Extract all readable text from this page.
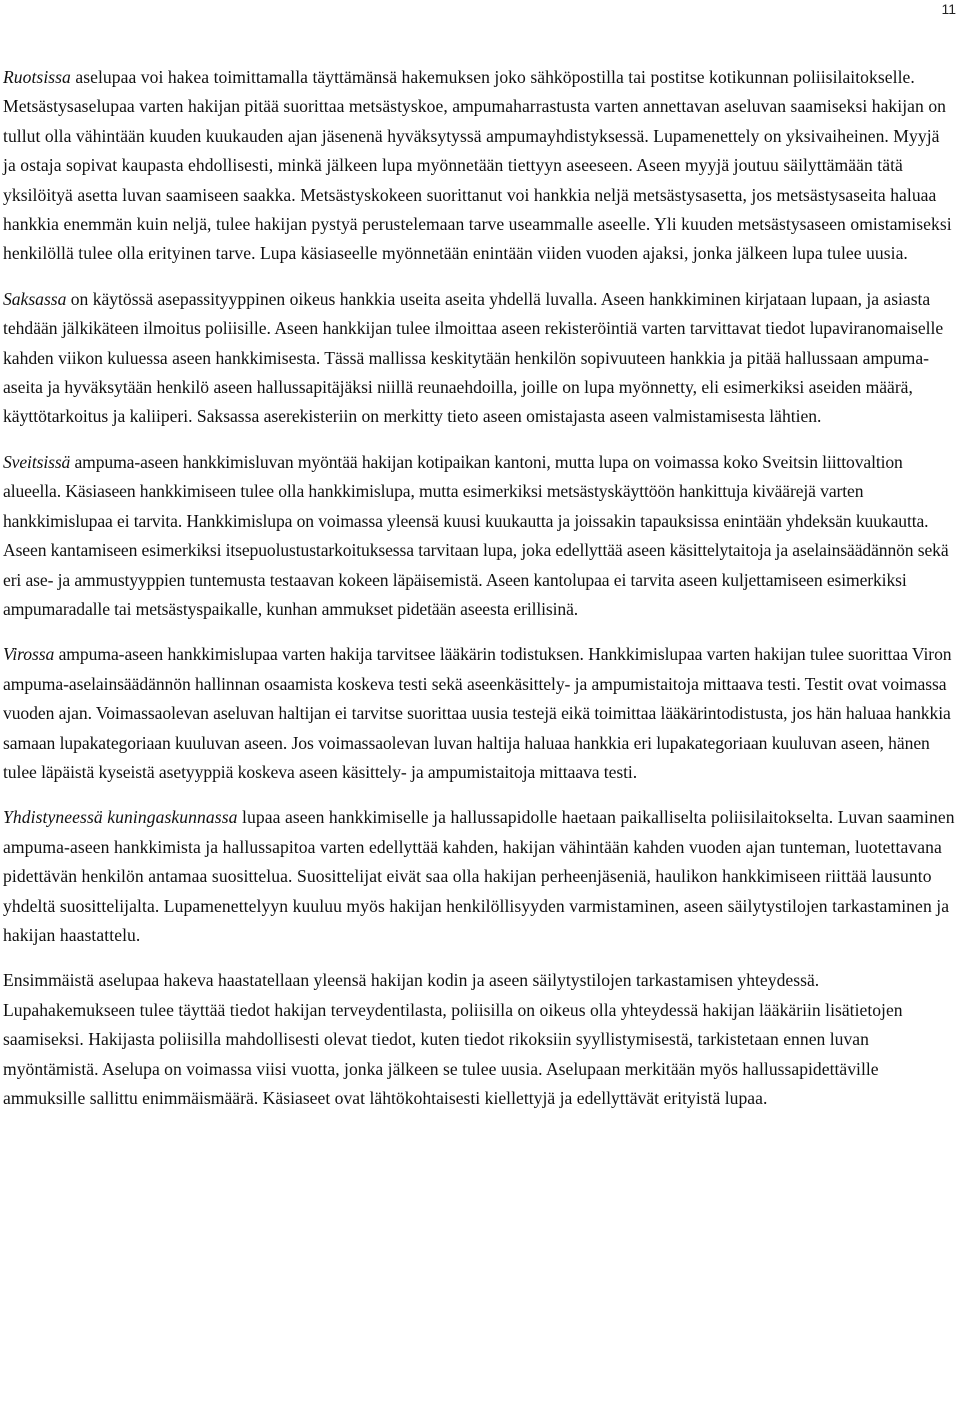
11

Ruotsissa aselupaa voi hakea toimittamalla täyttämänsä hakemuksen joko sähköpostilla tai postitse kotikunnan poliisilaitokselle. Metsästysaselupaa varten hakijan pitää suorittaa metsästyskoe, ampumaharrastusta varten annettavan aseluvan saamiseksi hakijan on tullut olla vähintään kuuden kuukauden ajan jäsenenä hyväksytyssä ampumayhdistyksessä. Lupamenettely on yksivaiheinen. Myyjä ja ostaja sopivat kaupasta ehdollisesti, minkä jälkeen lupa myönnetään tiettyyn aseeseen. Aseen myyjä joutuu säilyttämään tätä yksilöityä asetta luvan saamiseen saakka. Metsästyskokeen suorittanut voi hankkia neljä metsästysasetta, jos metsästysaseita haluaa hankkia enemmän kuin neljä, tulee hakijan pystyä perustelemaan tarve useammalle aseelle. Yli kuuden metsästysaseen omistamiseksi henkilöllä tulee olla erityinen tarve. Lupa käsiaseelle myönnetään enintään viiden vuoden ajaksi, jonka jälkeen lupa tulee uusia.

Saksassa on käytössä asepassityyppinen oikeus hankkia useita aseita yhdellä luvalla. Aseen hankkiminen kirjataan lupaan, ja asiasta tehdään jälkikäteen ilmoitus poliisille. Aseen hankkijan tulee ilmoittaa aseen rekisteröintiä varten tarvittavat tiedot lupaviranomaiselle kahden viikon kuluessa aseen hankkimisesta. Tässä mallissa keskitytään henkilön sopivuuteen hankkia ja pitää hallussaan ampuma-aseita ja hyväksytään henkilö aseen hallussapitäjäksi niillä reunaehdoilla, joille on lupa myönnetty, eli esimerkiksi aseiden määrä, käyttötarkoitus ja kaliiperi. Saksassa aserekisteriin on merkitty tieto aseen omistajasta aseen valmistamisesta lähtien.

Sveitsissä ampuma-aseen hankkimisluvan myöntää hakijan kotipaikan kantoni, mutta lupa on voimassa koko Sveitsin liittovaltion alueella. Käsiaseen hankkimiseen tulee olla hankkimislupa, mutta esimerkiksi metsästyskäyttöön hankittuja kiväärejä varten hankkimislupaa ei tarvita. Hankkimislupa on voimassa yleensä kuusi kuukautta ja joissakin tapauksissa enintään yhdeksän kuukautta. Aseen kantamiseen esimerkiksi itsepuolustustarkoituksessa tarvitaan lupa, joka edellyttää aseen käsittelytaitoja ja aselainsäädännön sekä eri ase- ja ammustyyppien tuntemusta testaavan kokeen läpäisemistä. Aseen kantolupaa ei tarvita aseen kuljettamiseen esimerkiksi ampumaradalle tai metsästyspaikalle, kunhan ammukset pidetään aseesta erillisinä.

Virossa ampuma-aseen hankkimislupaa varten hakija tarvitsee lääkärin todistuksen. Hankkimislupaa varten hakijan tulee suorittaa Viron ampuma-aselainsäädännön hallinnan osaamista koskeva testi sekä aseenkäsittely- ja ampumistaitoja mittaava testi. Testit ovat voimassa vuoden ajan. Voimassaolevan aseluvan haltijan ei tarvitse suorittaa uusia testejä eikä toimittaa lääkärintodistusta, jos hän haluaa hankkia samaan lupakategoriaan kuuluvan aseen. Jos voimassaolevan luvan haltija haluaa hankkia eri lupakategoriaan kuuluvan aseen, hänen tulee läpäistä kyseistä asetyyppiä koskeva aseen käsittely- ja ampumistaitoja mittaava testi.

Yhdistyneessä kuningaskunnassa lupaa aseen hankkimiselle ja hallussapidolle haetaan paikalliselta poliisilaitokselta. Luvan saaminen ampuma-aseen hankkimista ja hallussapitoa varten edellyttää kahden, hakijan vähintään kahden vuoden ajan tunteman, luotettavana pidettävän henkilön antamaa suosittelua. Suosittelijat eivät saa olla hakijan perheenjäseniä, haulikon hankkimiseen riittää lausunto yhdeltä suosittelijalta. Lupamenettelyyn kuuluu myös hakijan henkilöllisyyden varmistaminen, aseen säilytystilojen tarkastaminen ja hakijan haastattelu.

Ensimmäistä aselupaa hakeva haastatellaan yleensä hakijan kodin ja aseen säilytystilojen tarkastamisen yhteydessä. Lupahakemukseen tulee täyttää tiedot hakijan terveydentilasta, poliisilla on oikeus olla yhteydessä hakijan lääkäriin lisätietojen saamiseksi. Hakijasta poliisilla mahdollisesti olevat tiedot, kuten tiedot rikoksiin syyllistymisestä, tarkistetaan ennen luvan myöntämistä. Aselupa on voimassa viisi vuotta, jonka jälkeen se tulee uusia. Aselupaan merkitään myös hallussapidettäville ammuksille sallittu enimmäismäärä. Käsiaseet ovat lähtökohtaisesti kiellettyjä ja edellyttävät erityistä lupaa.
